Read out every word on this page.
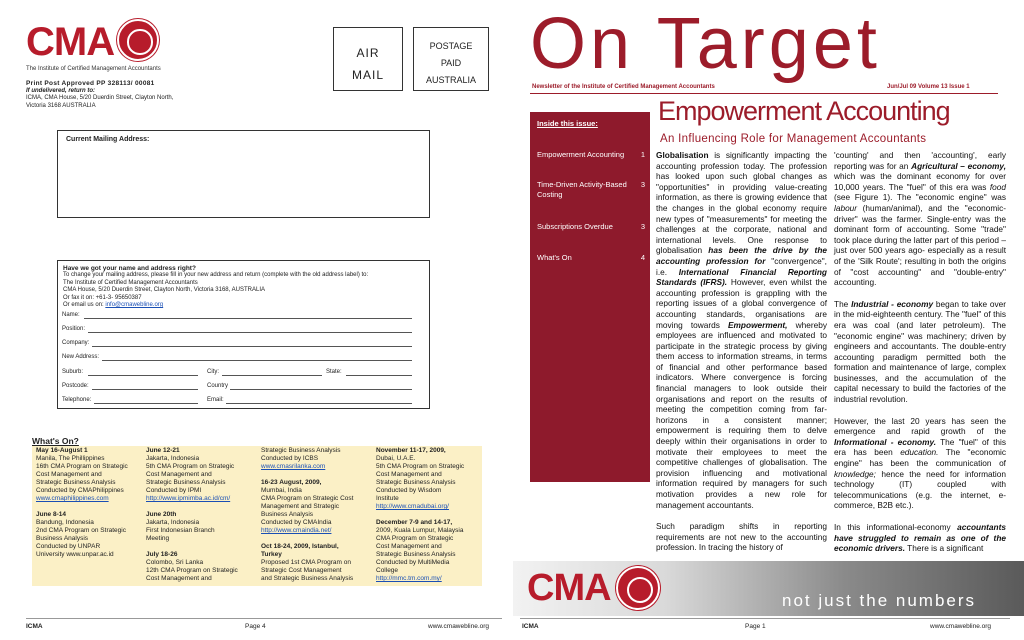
CMA
The Institute of Certified Management Accountants
Print Post Approved PP 328113/ 00081
If undelivered, return to:
ICMA, CMA House, 5/20 Duerdin Street, Clayton North,
Victoria 3168 AUSTRALIA
AIR
MAIL
POSTAGE
PAID
AUSTRALIA
Current Mailing Address:
Have we got your name and address right?
To change your mailing address, please fill in your new address and return (complete with the old address label) to:
The Institute of Certified Management Accountants
CMA House, 5/20 Duerdin Street, Clayton North, Victoria 3168, AUSTRALIA
Or fax it on: +61-3- 95650387
Or email us on: info@cmawebline.org
Name:
Position:
Company:
New Address:
Suburb:	City:	State:
Postcode:	Country
Telephone:	Email:
What's On?
May 16-August 1
Manila, The Phillippines
16th CMA Program on Strategic
Cost Management and
Strategic Business Analysis
Conducted by CMAPhilippines
www.cmaphilippines.com
June 8-14
Bandung, Indonesia
2nd CMA Program on Strategic
Business Analysis
Conducted by UNPAR
University www.unpar.ac.id
June 12-21
Jakarta, Indonesia
5th CMA Program on Strategic
Cost Management and
Strategic Business Analysis
Conducted by IPMI
http://www.ipmimba.ac.id/cm/
June 20th
Jakarta, Indonesia
First Indonesian Branch
Meeting
July 18-26
Colombo, Sri Lanka
12th CMA Program on Strategic
Cost Management and
Strategic Business Analysis
Conducted by ICBS
www.cmasrilanka.com
16-23 August, 2009,
Mumbai, India
CMA Program on Strategic Cost
Management and Strategic
Business Analysis
Conducted by CMAIndia
http://www.cmaindia.net/
Oct 18-24, 2009, Istanbul,
Turkey
Proposed 1st CMA Program on
Strategic Cost Management
and Strategic Business Analysis
November 11-17, 2009,
Dubai, U.A.E.
5th CMA Program on Strategic
Cost Management and
Strategic Business Analysis
Conducted by Wisdom
Institute
http://www.cmadubai.org/
December 7-9 and 14-17,
2009, Kuala Lumpur, Malaysia
CMA Program on Strategic
Cost Management and
Strategic Business Analysis
Conducted by MultiMedia
College
http://mmc.tm.com.my/
ICMA	Page 4	www.cmawebline.org
On Target
Newsletter of the Institute of Certified Management Accountants	Jun/Jul 09 Volume 13 Issue 1
Inside this issue:
Empowerment Accounting 1
Time-Driven Activity-Based Costing
3
Subscriptions Overdue	3
What's On	4
Empowerment Accounting
An Influencing Role for Management Accountants

Globalisation is significantly impacting the accounting profession today. The profession has looked upon such global changes as "opportunities" in providing value-creating information, as there is growing evidence that the changes in the global economy require new types of "measurements" for meeting the challenges at the corporate, national and international levels. One response to globalisation has been the drive by the accounting profession for "convergence", i.e. International Financial Reporting Standards (IFRS). However, even whilst the accounting profession is grappling with the reporting issues of a global convergence of accounting standards, organisations are moving towards Empowerment, whereby employees are influenced and motivated to participate in the strategic process by giving them access to information streams, in terms of financial and other performance based indicators. Where convergence is forcing financial managers to look outside their organisations and report on the results of meeting the competition coming from far-horizons in a consistent manner; empowerment is requiring them to delve deeply within their organisations in order to motivate their employees to meet the competitive challenges of globalisation. The provision influencing and motivational information required by managers for such motivation provides a new role for management accountants.

Such paradigm shifts in reporting requirements are not new to the accounting profession. In tracing the history of

'counting' and then 'accounting', early reporting was for an Agricultural – economy, which was the dominant economy for over 10,000 years. The "fuel" of this era was food (see Figure 1). The "economic engine" was labour (human/animal), and the "economic-driver" was the farmer. Single-entry was the dominant form of accounting. Some "trade" took place during the latter part of this period – just over 500 years ago- especially as a result of the 'Silk Route'; resulting in both the origins of "cost accounting" and "double-entry" accounting.

The Industrial - economy began to take over in the mid-eighteenth century. The "fuel" of this era was coal (and later petroleum). The "economic engine" was machinery; driven by engineers and accountants. The double-entry accounting paradigm permitted both the formation and maintenance of large, complex businesses, and the accumulation of the capital necessary to build the factories of the industrial revolution.

However, the last 20 years has seen the emergence and rapid growth of the Informational - economy. The "fuel" of this era has been education. The "economic engine" has been the communication of knowledge; hence the need for information technology (IT) coupled with telecommunications (e.g. the internet, e-commerce, B2B etc.).

In this informational-economy accountants have struggled to remain as one of the economic drivers. There is a significant

CMA	not just the numbers
ICMA	Page 1	www.cmawebline.org
